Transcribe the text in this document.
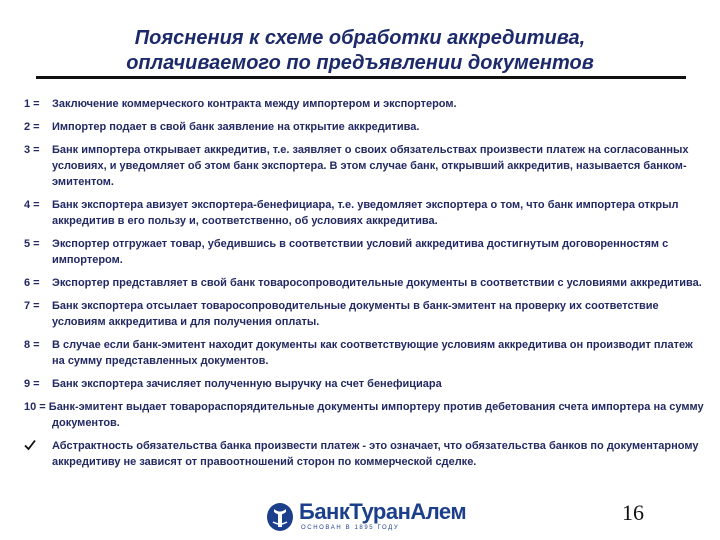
Пояснения к схеме обработки аккредитива,
оплачиваемого по предъявлении документов
1 = Заключение коммерческого контракта между импортером и экспортером.
2 = Импортер подает в свой банк заявление на открытие аккредитива.
3 = Банк импортера открывает аккредитив, т.е. заявляет о своих обязательствах произвести платеж на согласованных условиях, и уведомляет об этом банк экспортера. В этом случае банк, открывший аккредитив, называется банком-эмитентом.
4 = Банк экспортера авизует экспортера-бенефициара, т.е. уведомляет экспортера о том, что банк импортера открыл аккредитив в его пользу и, соответственно, об условиях аккредитива.
5 = Экспортер отгружает товар, убедившись в соответствии условий аккредитива достигнутым договоренностям с импортером.
6 = Экспортер представляет в свой банк товаросопроводительные документы в соответствии с условиями аккредитива.
7 = Банк экспортера отсылает товаросопроводительные документы в банк-эмитент на проверку их соответствие условиям аккредитива и для получения оплаты.
8 = В случае если банк-эмитент находит документы как соответствующие условиям аккредитива он производит платеж на сумму представленных документов.
9 = Банк экспортера зачисляет полученную выручку на счет бенефициара
10 = Банк-эмитент выдает товарораспорядительные документы импортеру против дебетования счета импортера на сумму документов.
Абстрактность обязательства банка произвести платеж - это означает, что обязательства банков по документарному аккредитиву не зависят от правоотношений сторон по коммерческой сделке.
БанкТуранАлем
ОСНОВАН В 1895 ГОДУ
16
